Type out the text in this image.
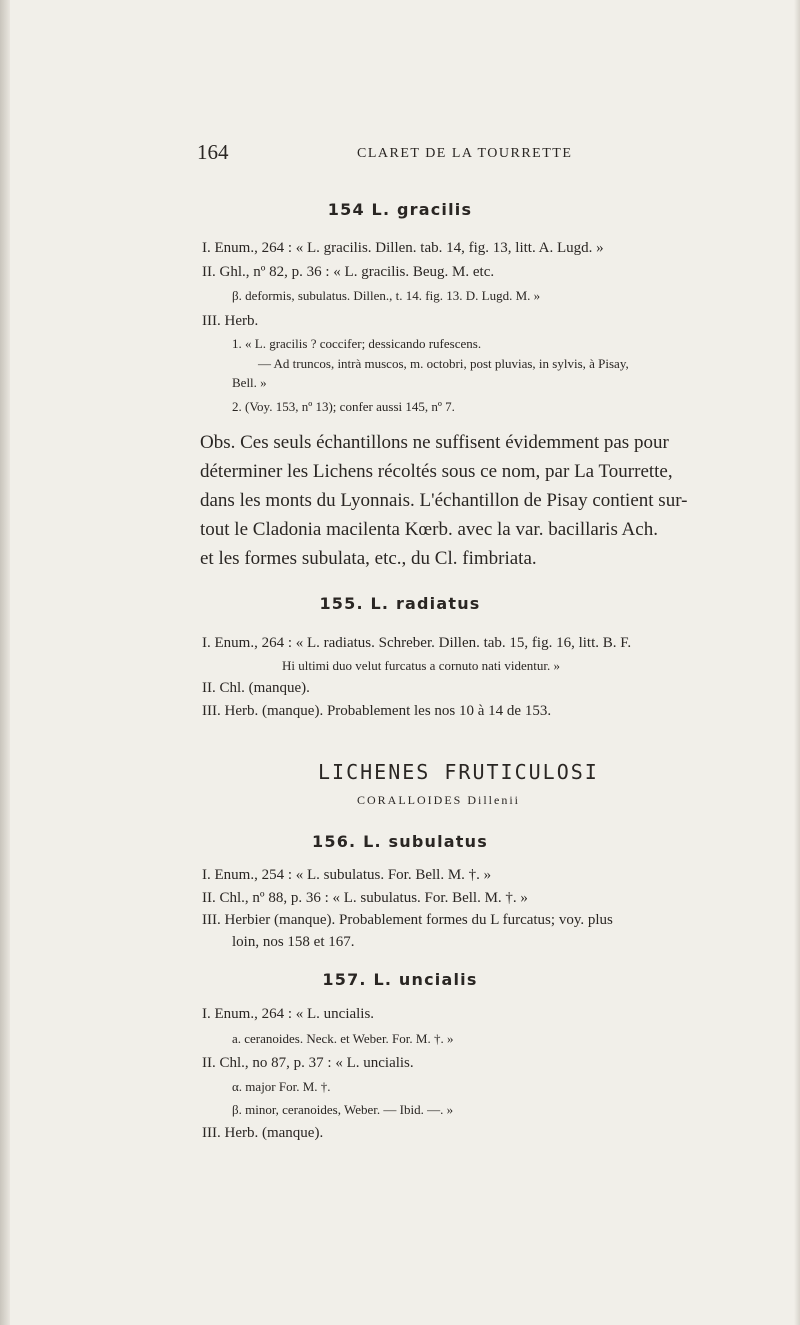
164	CLARET DE LA TOURRETTE
154 L. gracilis
I. Enum., 264 : « L. gracilis. Dillen. tab. 14, fig. 13, litt. A. Lugd. »
II. Ghl., nº 82, p. 36 : « L. gracilis. Beug. M. etc.
β. deformis, subulatus. Dillen., t. 14. fig. 13. D. Lugd. M. »
III. Herb.
1. « L. gracilis ? coccifer; dessicando rufescens.
— Ad truncos, intrà muscos, m. octobri, post pluvias, in sylvis, à Pisay,
Bell. »
2. (Voy. 153, nº 13); confer aussi 145, nº 7.
Obs. Ces seuls échantillons ne suffisent évidemment pas pour
déterminer les Lichens récoltés sous ce nom, par La Tourrette,
dans les monts du Lyonnais. L'échantillon de Pisay contient sur-
tout le Cladonia macilenta Kœrb. avec la var. bacillaris Ach.
et les formes subulata, etc., du Cl. fimbriata.
155. L. radiatus
I. Enum., 264 : « L. radiatus. Schreber. Dillen. tab. 15, fig. 16, litt. B. F.
Hi ultimi duo velut furcatus a cornuto nati videntur. »
II. Chl. (manque).
III. Herb. (manque). Probablement les nos 10 à 14 de 153.
LICHENES FRUTICULOSI
CORALLOIDES Dillenii
156. L. subulatus
I. Enum., 254 : « L. subulatus. For. Bell. M. †. »
II. Chl., nº 88, p. 36 : « L. subulatus. For. Bell. M. †. »
III. Herbier (manque). Probablement formes du L furcatus; voy. plus
loin, nos 158 et 167.
157. L. uncialis
I. Enum., 264 : « L. uncialis.
a. ceranoides. Neck. et Weber. For. M. †. »
II. Chl., no 87, p. 37 : « L. uncialis.
α. major For. M. †.
β. minor, ceranoides, Weber. — Ibid. —. »
III. Herb. (manque).
